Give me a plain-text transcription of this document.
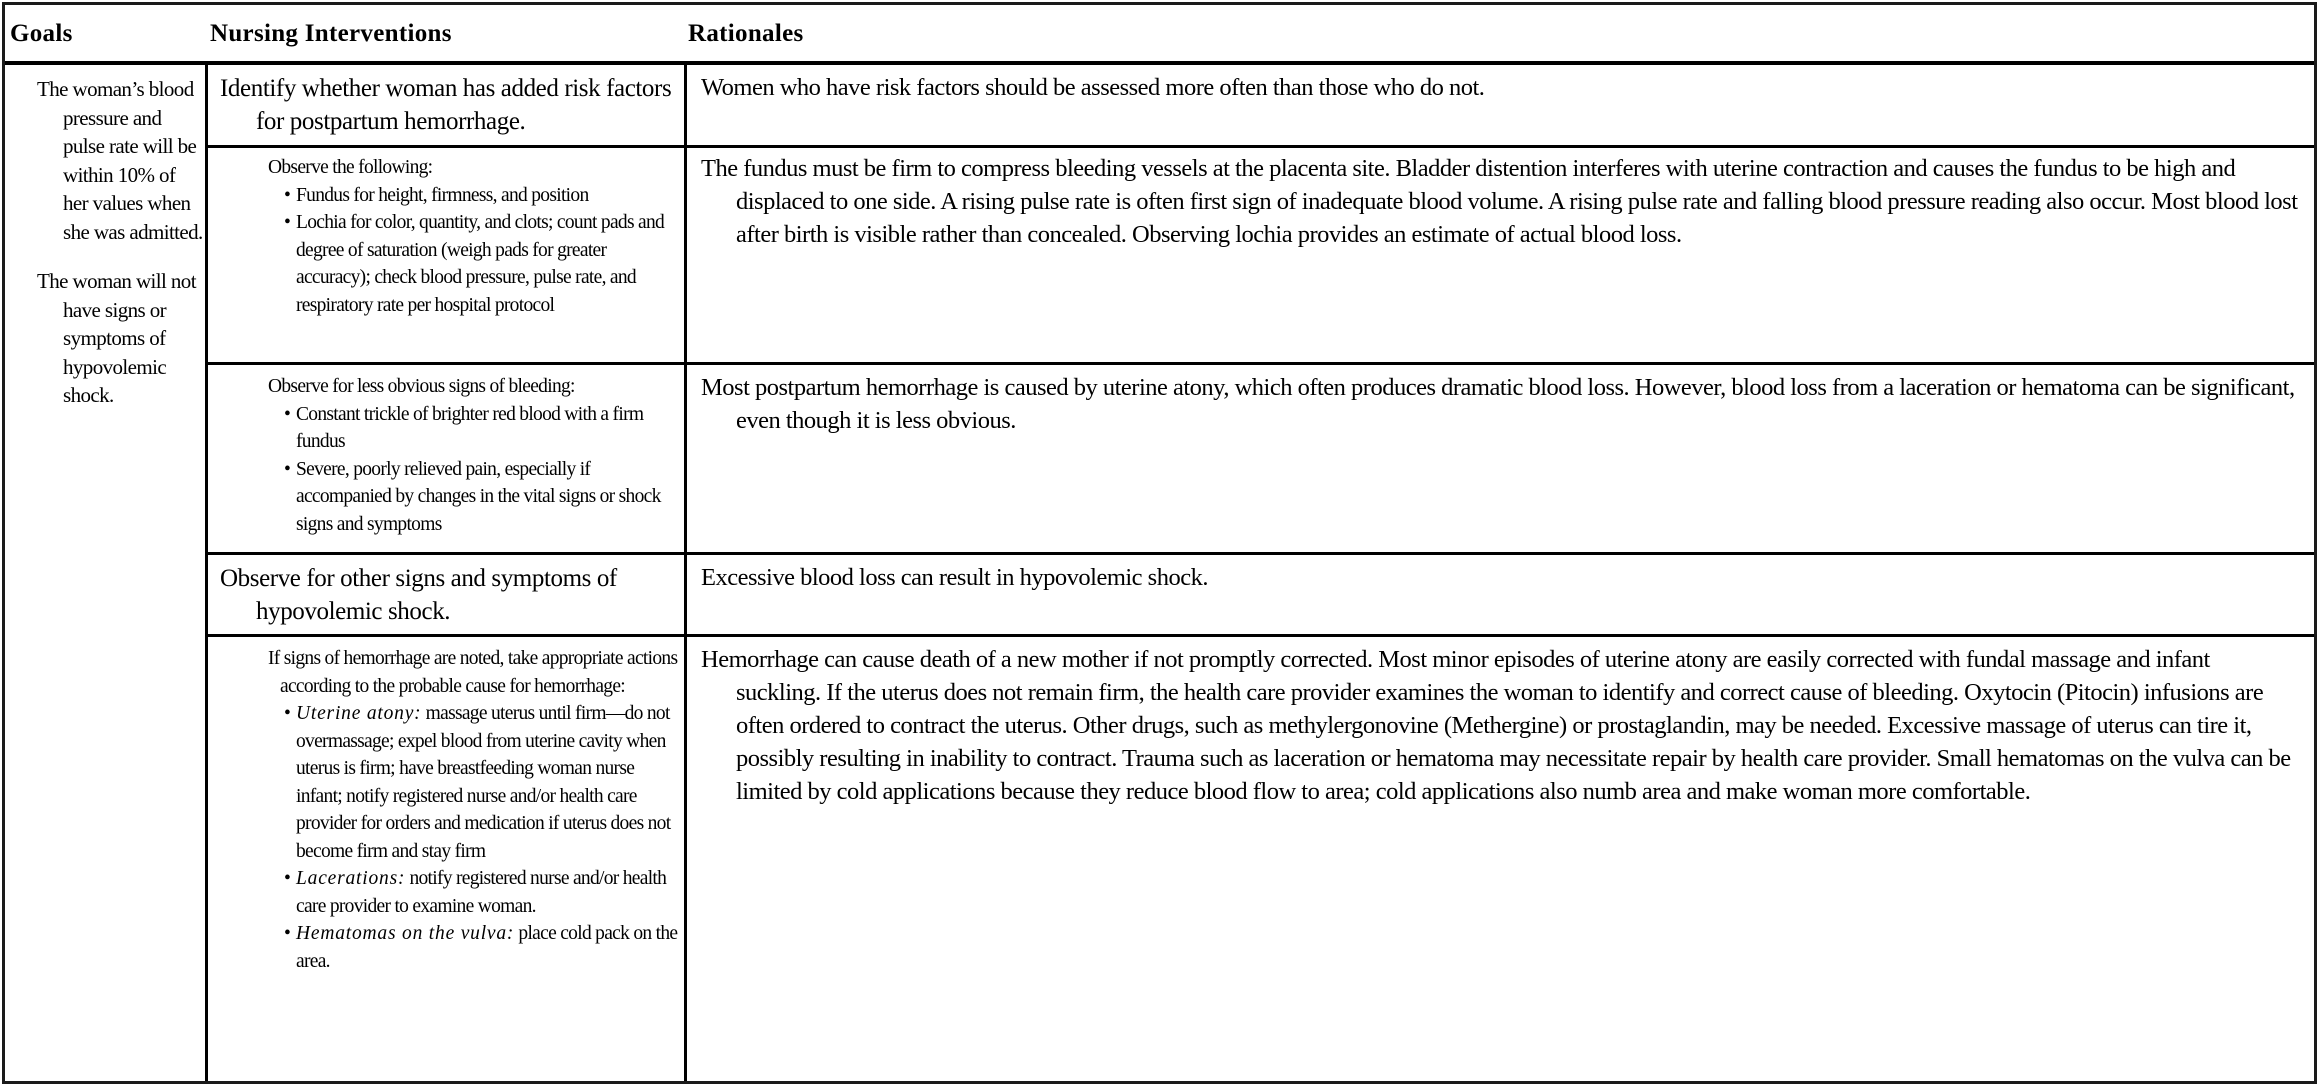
Goals	Nursing Interventions	Rationales

The woman’s blood pressure and pulse rate will be within 10% of her values when she was admitted.

The woman will not have signs or symptoms of hypovolemic shock.

Identify whether woman has added risk factors for postpartum hemorrhage.
Women who have risk factors should be assessed more often than those who do not.
Observe the following:
• Fundus for height, firmness, and position
• Lochia for color, quantity, and clots; count pads and degree of saturation (weigh pads for greater accuracy); check blood pressure, pulse rate, and respiratory rate per hospital protocol
The fundus must be firm to compress bleeding vessels at the placenta site. Bladder distention interferes with uterine contraction and causes the fundus to be high and displaced to one side. A rising pulse rate is often first sign of inadequate blood volume. A rising pulse rate and falling blood pressure reading also occur. Most blood lost after birth is visible rather than concealed. Observing lochia provides an estimate of actual blood loss.
Observe for less obvious signs of bleeding:
• Constant trickle of brighter red blood with a firm fundus
• Severe, poorly relieved pain, especially if accompanied by changes in the vital signs or shock signs and symptoms
Most postpartum hemorrhage is caused by uterine atony, which often produces dramatic blood loss. However, blood loss from a laceration or hematoma can be significant, even though it is less obvious.
Observe for other signs and symptoms of hypovolemic shock.
Excessive blood loss can result in hypovolemic shock.
If signs of hemorrhage are noted, take appropriate actions according to the probable cause for hemorrhage:
• Uterine atony: massage uterus until firm—do not overmassage; expel blood from uterine cavity when uterus is firm; have breastfeeding woman nurse infant; notify registered nurse and/or health care provider for orders and medication if uterus does not become firm and stay firm
• Lacerations: notify registered nurse and/or health care provider to examine woman.
• Hematomas on the vulva: place cold pack on the area.
Hemorrhage can cause death of a new mother if not promptly corrected. Most minor episodes of uterine atony are easily corrected with fundal massage and infant suckling. If the uterus does not remain firm, the health care provider examines the woman to identify and correct cause of bleeding. Oxytocin (Pitocin) infusions are often ordered to contract the uterus. Other drugs, such as methylergonovine (Methergine) or prostaglandin, may be needed. Excessive massage of uterus can tire it, possibly resulting in inability to contract. Trauma such as laceration or hematoma may necessitate repair by health care provider. Small hematomas on the vulva can be limited by cold applications because they reduce blood flow to area; cold applications also numb area and make woman more comfortable.
